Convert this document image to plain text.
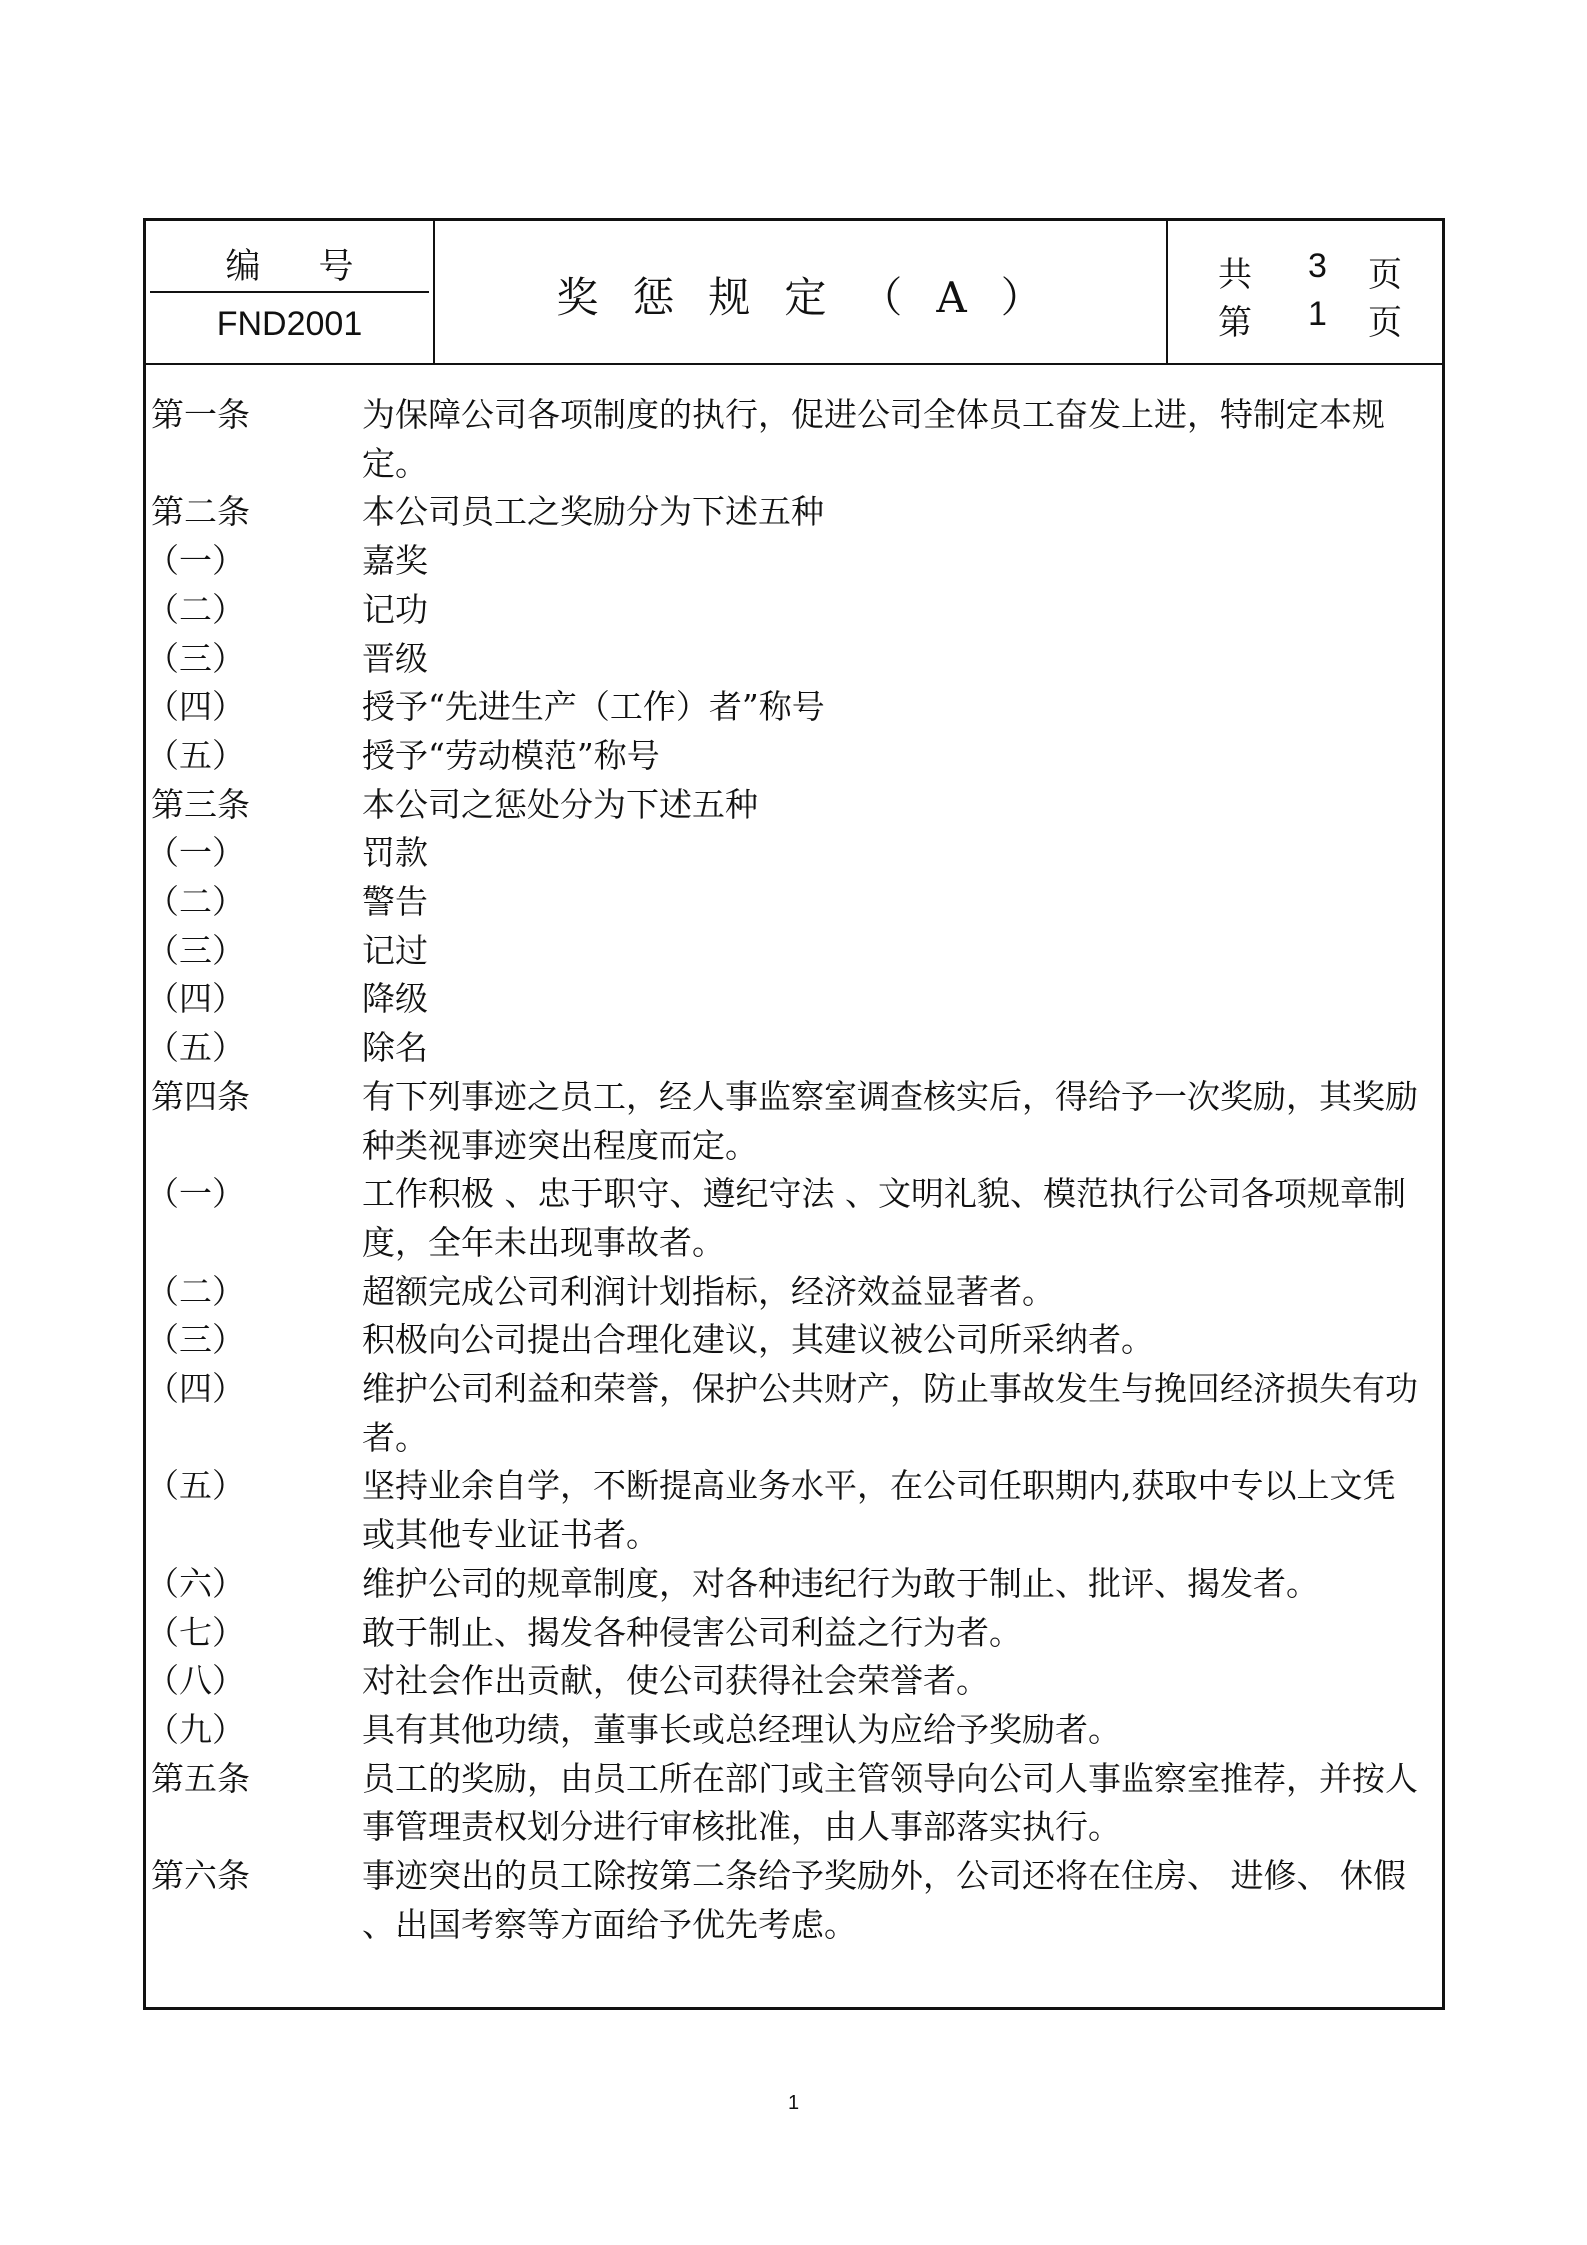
编号
FND2001
奖惩规定（A）	共 3 页
第 1 页
第一条	为保障公司各项制度的执行，促进公司全体员工奋发上进，特制定本规定。
第二条	本公司员工之奖励分为下述五种
（一）	嘉奖
（二）	记功
（三）	晋级
（四）	授予“先进生产（工作）者”称号
（五）	授予“劳动模范”称号
第三条	本公司之惩处分为下述五种
（一）	罚款
（二）	警告
（三）	记过
（四）	降级
（五）	除名
第四条	有下列事迹之员工，经人事监察室调查核实后，得给予一次奖励，其奖励种类视事迹突出程度而定。
（一）	工作积极 、忠于职守、遵纪守法 、文明礼貌、模范执行公司各项规章制度，全年未出现事故者。
（二）	超额完成公司利润计划指标，经济效益显著者。
（三）	积极向公司提出合理化建议，其建议被公司所采纳者。
（四）	维护公司利益和荣誉，保护公共财产，防止事故发生与挽回经济损失有功者。
（五）	坚持业余自学，不断提高业务水平，在公司任职期内,获取中专以上文凭或其他专业证书者。
（六）	维护公司的规章制度，对各种违纪行为敢于制止、批评、揭发者。
（七）	敢于制止、揭发各种侵害公司利益之行为者。
（八）	对社会作出贡献，使公司获得社会荣誉者。
（九）	具有其他功绩，董事长或总经理认为应给予奖励者。
第五条	员工的奖励，由员工所在部门或主管领导向公司人事监察室推荐，并按人事管理责权划分进行审核批准，由人事部落实执行。
第六条	事迹突出的员工除按第二条给予奖励外，公司还将在住房、 进修、 休假 、出国考察等方面给予优先考虑。
1
